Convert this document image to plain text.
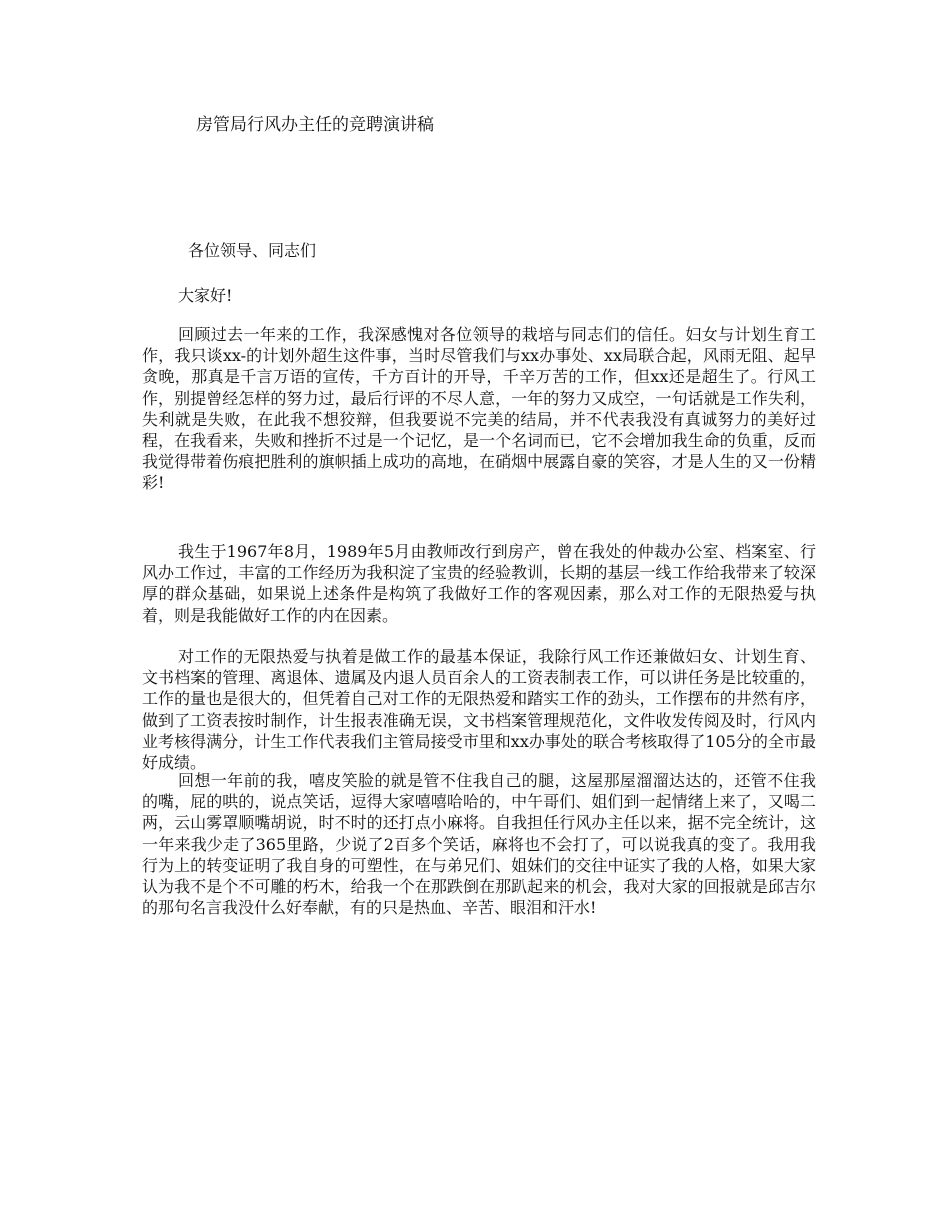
房管局行风办主任的竞聘演讲稿

各位领导、同志们

大家好!

回顾过去一年来的工作，我深感愧对各位领导的栽培与同志们的信任。妇女与计划生育工作，我只谈xx-的计划外超生这件事，当时尽管我们与xx办事处、xx局联合起，风雨无阻、起早贪晚，那真是千言万语的宣传，千方百计的开导，千辛万苦的工作，但xx还是超生了。行风工作，别提曾经怎样的努力过，最后行评的不尽人意，一年的努力又成空，一句话就是工作失利，失利就是失败，在此我不想狡辩，但我要说不完美的结局，并不代表我没有真诚努力的美好过程，在我看来，失败和挫折不过是一个记忆，是一个名词而已，它不会增加我生命的负重，反而我觉得带着伤痕把胜利的旗帜插上成功的高地，在硝烟中展露自豪的笑容，才是人生的又一份精彩!

我生于1967年8月，1989年5月由教师改行到房产，曾在我处的仲裁办公室、档案室、行风办工作过，丰富的工作经历为我积淀了宝贵的经验教训，长期的基层一线工作给我带来了较深厚的群众基础，如果说上述条件是构筑了我做好工作的客观因素，那么对工作的无限热爱与执着，则是我能做好工作的内在因素。

对工作的无限热爱与执着是做工作的最基本保证，我除行风工作还兼做妇女、计划生育、文书档案的管理、离退体、遗属及内退人员百余人的工资表制表工作，可以讲任务是比较重的，工作的量也是很大的，但凭着自己对工作的无限热爱和踏实工作的劲头，工作摆布的井然有序，做到了工资表按时制作，计生报表准确无误，文书档案管理规范化，文件收发传阅及时，行风内业考核得满分，计生工作代表我们主管局接受市里和xx办事处的联合考核取得了105分的全市最好成绩。

回想一年前的我，嘻皮笑脸的就是管不住我自己的腿，这屋那屋溜溜达达的，还管不住我的嘴，屁的哄的，说点笑话，逗得大家嘻嘻哈哈的，中午哥们、姐们到一起情绪上来了，又喝二两，云山雾罩顺嘴胡说，时不时的还打点小麻将。自我担任行风办主任以来，据不完全统计，这一年来我少走了365里路，少说了2百多个笑话，麻将也不会打了，可以说我真的变了。我用我行为上的转变证明了我自身的可塑性，在与弟兄们、姐妹们的交往中证实了我的人格，如果大家认为我不是个不可雕的朽木，给我一个在那跌倒在那趴起来的机会，我对大家的回报就是邱吉尔的那句名言我没什么好奉献，有的只是热血、辛苦、眼泪和汗水!
